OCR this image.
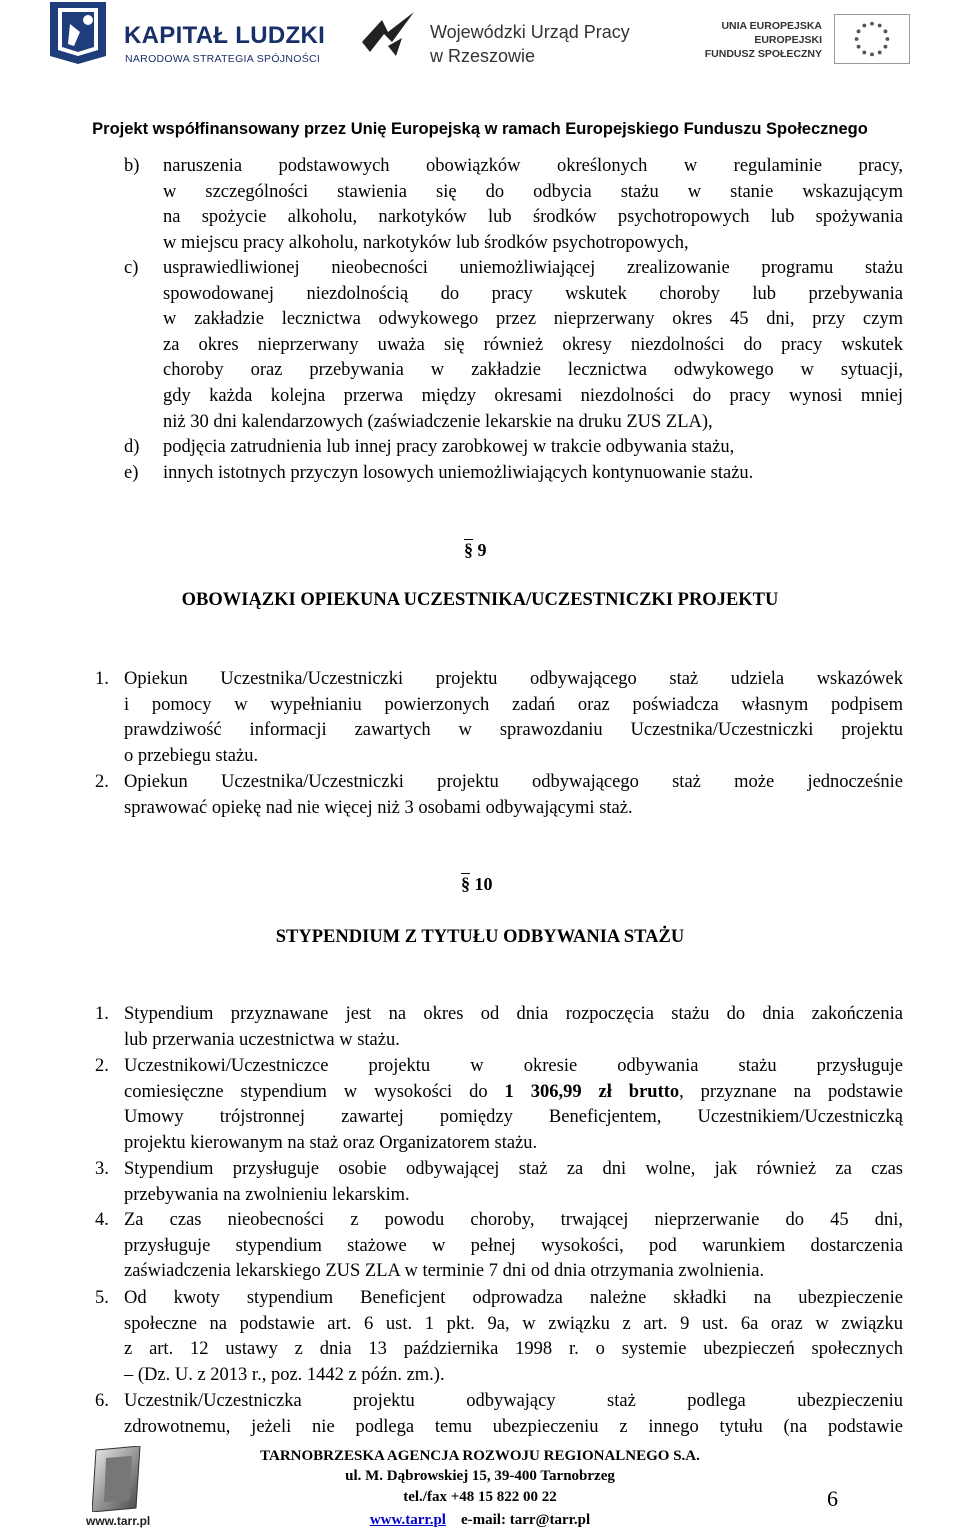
KAPITAŁ LUDZKI
NARODOWA STRATEGIA SPÓJNOŚCI
Wojewódzki Urząd Pracy
w Rzeszowie
UNIA EUROPEJSKA
EUROPEJSKI
FUNDUSZ SPOŁECZNY
Projekt współfinansowany przez Unię Europejską w ramach Europejskiego Funduszu Społecznego
b) naruszenia podstawowych obowiązków określonych w regulaminie pracy,
w szczególności stawienia się do odbycia stażu w stanie wskazującym
na spożycie alkoholu, narkotyków lub środków psychotropowych lub spożywania
w miejscu pracy alkoholu, narkotyków lub środków psychotropowych,
c) usprawiedliwionej nieobecności uniemożliwiającej zrealizowanie programu stażu
spowodowanej niezdolnością do pracy wskutek choroby lub przebywania
w zakładzie lecznictwa odwykowego przez nieprzerwany okres 45 dni, przy czym
za okres nieprzerwany uważa się również okresy niezdolności do pracy wskutek
choroby oraz przebywania w zakładzie lecznictwa odwykowego w sytuacji,
gdy każda kolejna przerwa między okresami niezdolności do pracy wynosi mniej
niż 30 dni kalendarzowych (zaświadczenie lekarskie na druku ZUS ZLA),
d) podjęcia zatrudnienia lub innej pracy zarobkowej w trakcie odbywania stażu,
e) innych istotnych przyczyn losowych uniemożliwiających kontynuowanie stażu.
§ 9
OBOWIĄZKI OPIEKUNA UCZESTNIKA/UCZESTNICZKI PROJEKTU
1. Opiekun Uczestnika/Uczestniczki projektu odbywającego staż udziela wskazówek
i pomocy w wypełnianiu powierzonych zadań oraz poświadcza własnym podpisem
prawdziwość informacji zawartych w sprawozdaniu Uczestnika/Uczestniczki projektu
o przebiegu stażu.
2. Opiekun Uczestnika/Uczestniczki projektu odbywającego staż może jednocześnie
sprawować opiekę nad nie więcej niż 3 osobami odbywającymi staż.
§ 10
STYPENDIUM Z TYTUŁU ODBYWANIA STAŻU
1. Stypendium przyznawane jest na okres od dnia rozpoczęcia stażu do dnia zakończenia
lub przerwania uczestnictwa w stażu.
2. Uczestnikowi/Uczestniczce projektu w okresie odbywania stażu przysługuje
comiesięczne stypendium w wysokości do 1 306,99 zł brutto, przyznane na podstawie
Umowy trójstronnej zawartej pomiędzy Beneficjentem, Uczestnikiem/Uczestniczką
projektu kierowanym na staż oraz Organizatorem stażu.
3. Stypendium przysługuje osobie odbywającej staż za dni wolne, jak również za czas
przebywania na zwolnieniu lekarskim.
4. Za czas nieobecności z powodu choroby, trwającej nieprzerwanie do 45 dni,
przysługuje stypendium stażowe w pełnej wysokości, pod warunkiem dostarczenia
zaświadczenia lekarskiego ZUS ZLA w terminie 7 dni od dnia otrzymania zwolnienia.
5. Od kwoty stypendium Beneficjent odprowadza należne składki na ubezpieczenie
społeczne na podstawie art. 6 ust. 1 pkt. 9a, w związku z art. 9 ust. 6a oraz w związku
z art. 12 ustawy z dnia 13 października 1998 r. o systemie ubezpieczeń społecznych
– (Dz. U. z 2013 r., poz. 1442 z późn. zm.).
6. Uczestnik/Uczestniczka projektu odbywający staż podlega ubezpieczeniu
zdrowotnemu, jeżeli nie podlega temu ubezpieczeniu z innego tytułu (na podstawie
www.tarr.pl
TARNOBRZESKA AGENCJA ROZWOJU REGIONALNEGO S.A.
ul. M. Dąbrowskiej 15, 39-400 Tarnobrzeg
tel./fax +48 15 822 00 22
www.tarr.pl e-mail: tarr@tarr.pl
6
